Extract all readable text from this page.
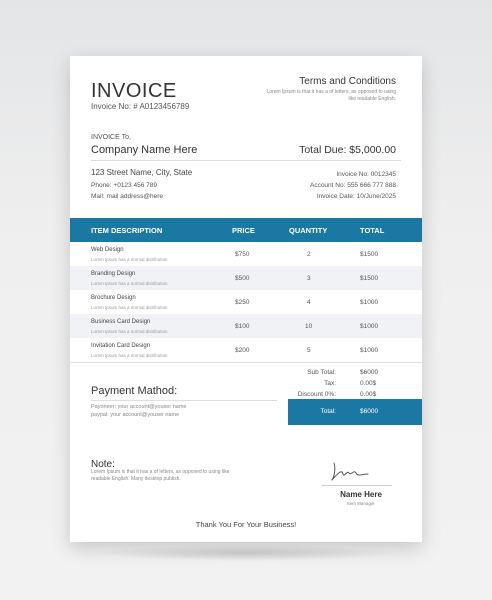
INVOICE
Invoice No: # A0123456789
Terms and Conditions
Lorem Ipsum is that it has a of letters, as opposed to using like readable English.
INVOICE To,
Company Name Here	Total Due: $5,000.00
123 Street Name, City, State
Phone: +0123 456 789
Mail: mail address@here
Invoice No: 0012345
Account No: 555 666 777 888
Invoice Date: 10/June/2025
ITEM DESCRIPTION	PRICE	QUANTITY	TOTAL
Web Design
Lorem Ipsum has a normal distribution
$750	2	$1500
Branding Design
Lorem Ipsum has a normal distribution
$500	3	$1500
Brochure Design
Lorem Ipsum has a normal distribution
$250	4	$1000
Business Card Design
Lorem Ipsum has a normal distribution
$100	10	$1000
Invitation Card Design
Lorem Ipsum has a normal distribution
$200	5	$1000
Sub Total:	$6000
Tax:	0.00$
Discount 0%:	0.00$
Total:	$6000
Payment Mathod:
Payoneer: your account@youser name
paypal: your account@youser name
Note:
Lorem Ipsum is that it has a of letters, as opposed to using like readable English. Many desktop publish.
Name Here
Item Manager
Thank You For Your Business!
